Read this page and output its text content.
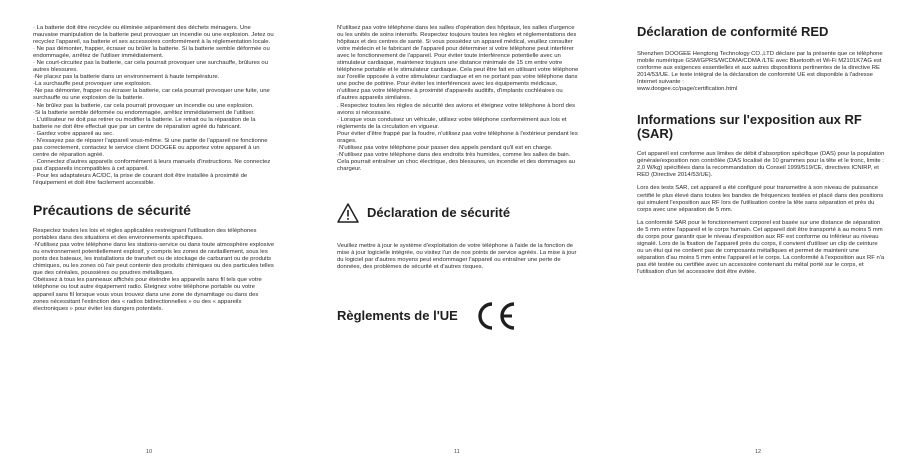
· La batterie doit être recyclée ou éliminée séparément des déchets ménagers. Une mauvaise manipulation de la batterie peut provoquer un incendie ou une explosion. Jetez ou recyclez l'appareil, sa batterie et ses accessoires conformément à la réglementation locale.
· Ne pas démonter, frapper, écraser ou brûler la batterie. Si la batterie semble déformée ou endommagée, arrêtez de l'utiliser immédiatement.
· Ne court-circuitez pas la batterie, car cela pourrait provoquer une surchauffe, brûlures ou autres blessures.
·Ne placez pas la batterie dans un environnement à haute température.
·La surchauffe peut provoquer une explosion.
·Ne pas démonter, frapper ou écraser la batterie, car cela pourrait provoquer une fuite, une surchauffe ou une explosion de la batterie.
· Ne brûlez pas la batterie, car cela pourrait provoquer un incendie ou une explosion.
·Si la batterie semble déformée ou endommagée, arrêtez immédiatement de l'utiliser.
· L'utilisateur ne doit pas retirer ou modifier la batterie. Le retrait ou la réparation de la batterie ne doit être effectué que par un centre de réparation agréé du fabricant.
· Gardez votre appareil au sec.
· N'essayez pas de réparer l'appareil vous-même. Si une partie de l'appareil ne fonctionne pas correctement, contactez le service client DOOGEE ou apportez votre appareil à un centre de réparation agréé.
· Connectez d'autres appareils conformément à leurs manuels d'instructions. Ne connectez pas d'appareils incompatibles à cet appareil.
· Pour les adaptateurs AC/DC, la prise de courant doit être installée à proximité de l'équipement et doit être facilement accessible.

Précautions de sécurité

Respectez toutes les lois et règles applicables restreignant l'utilisation des téléphones portables dans des situations et des environnements spécifiques.
·N'utilisez pas votre téléphone dans les stations-service ou dans toute atmosphère explosive ou environnement potentiellement explosif, y compris les zones de ravitaillement, sous les ponts des bateaux, les installations de transfert ou de stockage de carburant ou de produits chimiques, ou les zones où l'air peut contenir des produits chimiques ou des particules telles que des céréales, poussières ou poudres métalliques.
Obéissez à tous les panneaux affichés pour éteindre les appareils sans fil tels que votre téléphone ou tout autre équipement radio. Éteignez votre téléphone portable ou votre appareil sans fil lorsque vous vous trouvez dans une zone de dynamitage ou dans des zones nécessitant l'extinction des « radios bidirectionnelles » ou des « appareils électroniques » pour éviter les dangers potentiels.

10

N'utilisez pas votre téléphone dans les salles d'opération des hôpitaux, les salles d'urgence ou les unités de soins intensifs. Respectez toujours toutes les règles et réglementations des hôpitaux et des centres de santé. Si vous possédez un appareil médical, veuillez consulter votre médecin et le fabricant de l'appareil pour déterminer si votre téléphone peut interférer avec le fonctionnement de l'appareil. Pour éviter toute interférence potentielle avec un stimulateur cardiaque, maintenez toujours une distance minimale de 15 cm entre votre téléphone portable et le stimulateur cardiaque. Cela peut être fait en utilisant votre téléphone sur l'oreille opposée à votre stimulateur cardiaque et en ne portant pas votre téléphone dans une poche de poitrine. Pour éviter les interférences avec les équipements médicaux, n'utilisez pas votre téléphone à proximité d'appareils auditifs, d'implants cochléaires ou d'autres appareils similaires.
. Respectez toutes les règles de sécurité des avions et éteignez votre téléphone à bord des avions si nécessaire.
· Lorsque vous conduisez un véhicule, utilisez votre téléphone conformément aux lois et règlements de la circulation en vigueur.
Pour éviter d'être frappé par la foudre, n'utilisez pas votre téléphone à l'extérieur pendant les orages.
·N'utilisez pas votre téléphone pour passer des appels pendant qu'il est en charge.
·N'utilisez pas votre téléphone dans des endroits très humides, comme les salles de bain. Cela pourrait entraîner un choc électrique, des blessures, un incendie et des dommages au chargeur.

Déclaration de sécurité

Veuillez mettre à jour le système d'exploitation de votre téléphone à l'aide de la fonction de mise à jour logicielle intégrée, ou visitez l'un de nos points de service agréés. La mise à jour du logiciel par d'autres moyens peut endommager l'appareil ou entraîner une perte de données, des problèmes de sécurité et d'autres risques.

Règlements de l'UE
11
Déclaration de conformité RED

Shenzhen DOOGEE Hengtong Technology CO.,LTD déclare par la présente que ce téléphone mobile numérique GSM/GPRS/WCDMA/CDMA /LTE avec Bluetooth et Wi-Fi M2101K7AG est conforme aux exigences essentielles et aux autres dispositions pertinentes de la directive RE 2014/53/UE. Le texte intégral de la déclaration de conformité UE est disponible à l'adresse Internet suivante :
www.doogee.cc/page/certification.html

Informations sur l'exposition aux RF (SAR)

Cet appareil est conforme aux limites de débit d'absorption spécifique (DAS) pour la population générale/exposition non contrôlée (DAS localisé de 10 grammes pour la tête et le tronc, limite : 2,0 W/kg) spécifiées dans la recommandation du Conseil 1999/519/CE, directives ICNIRP, et RED (Directive 2014/53/UE).

Lors des tests SAR, cet appareil a été configuré pour transmettre à son niveau de puissance certifié le plus élevé dans toutes les bandes de fréquences testées et placé dans des positions qui simulent l'exposition aux RF lors de l'utilisation contre la tête sans séparation et près du corps avec une séparation de 5 mm.

La conformité SAR pour le fonctionnement corporel est basée sur une distance de séparation de 5 mm entre l'appareil et le corps humain. Cet appareil doit être transporté à au moins 5 mm du corps pour garantir que le niveau d'exposition aux RF est conforme ou inférieur au niveau signalé. Lors de la fixation de l'appareil près du corps, il convient d'utiliser un clip de ceinture ou un étui qui ne contient pas de composants métalliques et permet de maintenir une séparation d'au moins 5 mm entre l'appareil et le corps. La conformité à l'exposition aux RF n'a pas été testée ou certifiée avec un accessoire contenant du métal porté sur le corps, et l'utilisation d'un tel accessoire doit être évitée.

12
